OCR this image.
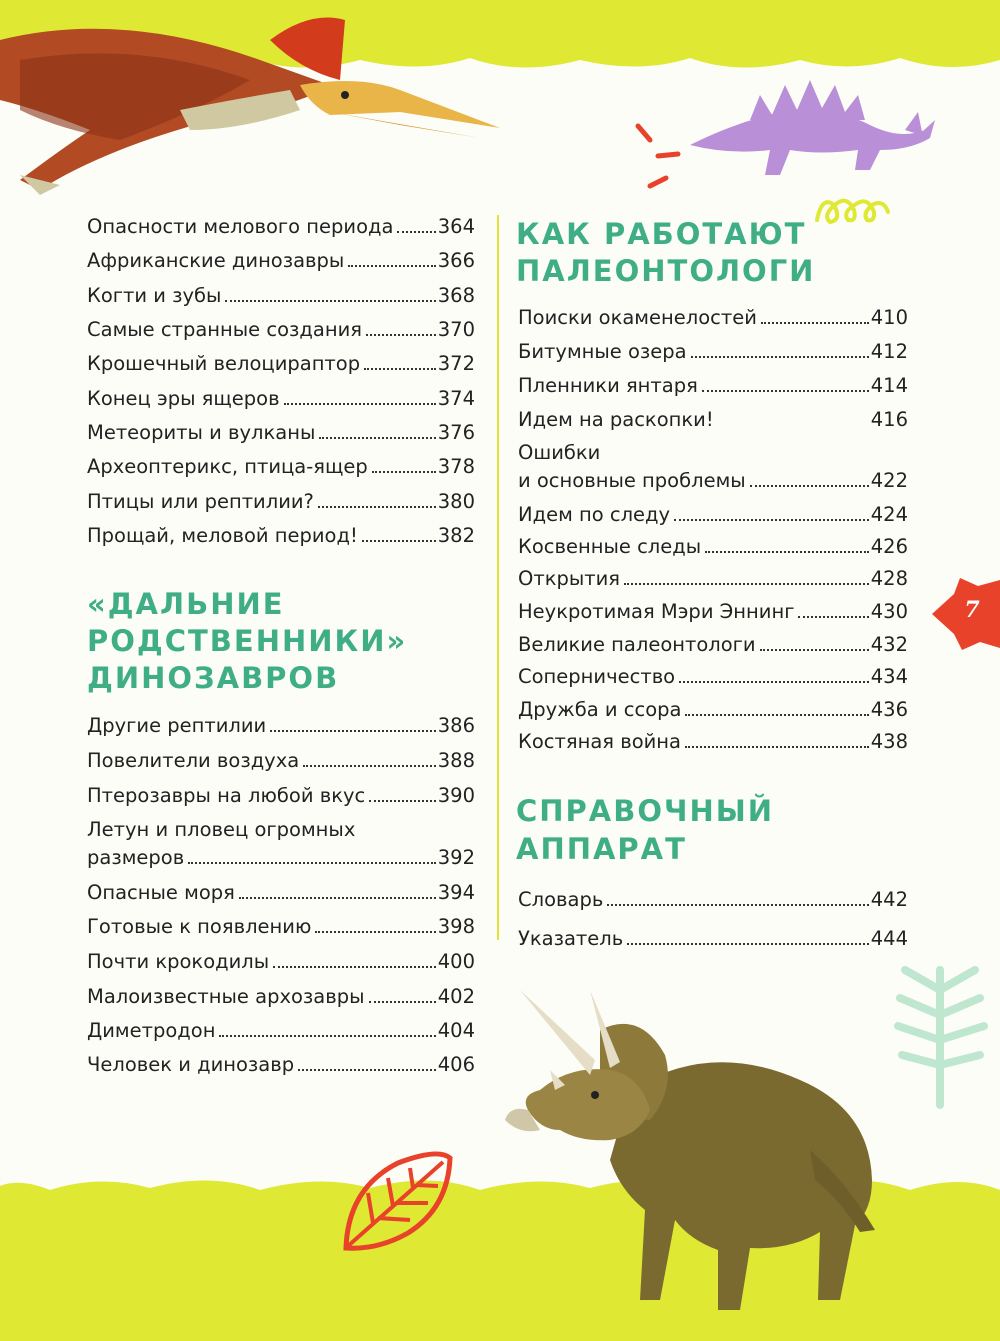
Опасности мелового периода 364
Африканские динозавры	366
Когти и зубы	368
Самые странные создания	370
Крошечный велоцираптор	372
Конец эры ящеров	374
Метеориты и вулканы	376
Археоптерикс, птица-ящер	378
Птицы или рептилии?	380
Прощай, меловой период!	382
«ДАЛЬНИЕ
РОДСТВЕННИКИ»
ДИНОЗАВРОВ
Другие рептилии	386
Повелители воздуха	388
Птерозавры на любой вкус	390
Летун и пловец огромных
размеров	392
Опасные моря	394
Готовые к появлению	398
Почти крокодилы	400
Малоизвестные архозавры	402
Диметродон	404
Человек и динозавр	406
КАК РАБОТАЮТ
ПАЛЕОНТОЛОГИ
Поиски окаменелостей	410
Битумные озера	412
Пленники янтаря	414
Идем на раскопки!	416
Ошибки
и основные проблемы	422
Идем по следу	424
Косвенные следы	426
Открытия	428
Неукротимая Мэри Эннинг	430
Великие палеонтологи	432
Соперничество	434
Дружба и ссора	436
Костяная война	438
СПРАВОЧНЫЙ
АППАРАТ
Словарь	442
Указатель	444
7
